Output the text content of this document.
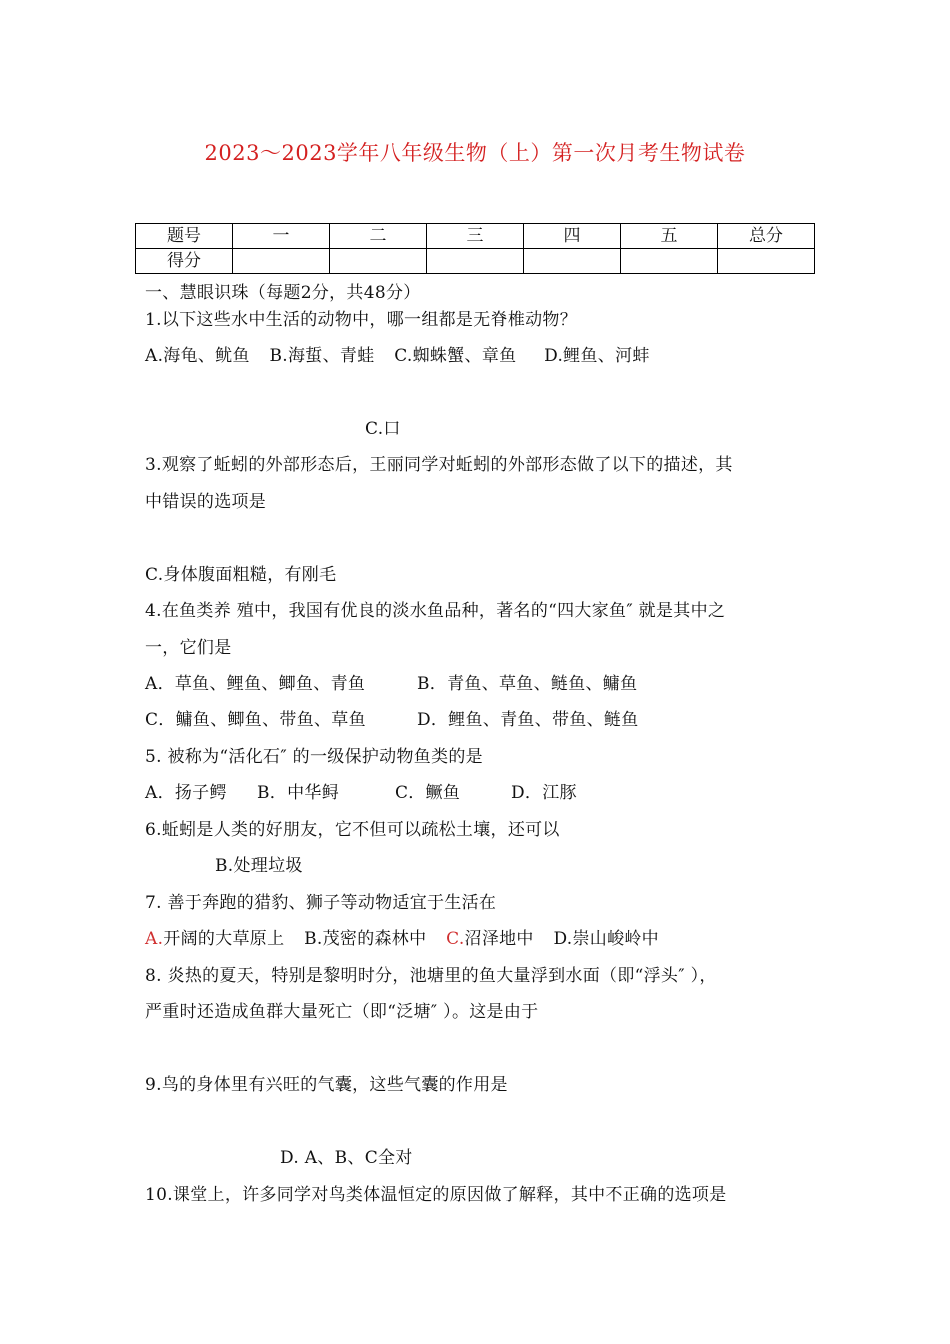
2023～2023学年八年级生物（上）第一次月考生物试卷
题号	一	二	三	四	五	总分
得分						
一、慧眼识珠（每题2分，共48分）
1.以下这些水中生活的动物中，哪一组都是无脊椎动物？
A.海龟、鱿鱼 B.海蜇、青蛙 C.蜘蛛蟹、章鱼 D.鲤鱼、河蚌
C.口
3.观察了蚯蚓的外部形态后，王丽同学对蚯蚓的外部形态做了以下的描述，其
中错误的选项是
C.身体腹面粗糙，有刚毛
4.在鱼类养 殖中，我国有优良的淡水鱼品种，著名的“四大家鱼″ 就是其中之
一，它们是
A．草鱼、鲤鱼、鲫鱼、青鱼	B．青鱼、草鱼、鲢鱼、鳙鱼
C．鳙鱼、鲫鱼、带鱼、草鱼	D．鲤鱼、青鱼、带鱼、鲢鱼
5. 被称为“活化石″ 的一级保护动物鱼类的是
A．扬子鳄 B．中华鲟	C．鳜鱼	D．江豚
6.蚯蚓是人类的好朋友，它不但可以疏松土壤，还可以
B.处理垃圾
7. 善于奔跑的猎豹、狮子等动物适宜于生活在
A.开阔的大草原上 B.茂密的森林中 C.沼泽地中 D.崇山峻岭中
8. 炎热的夏天，特别是黎明时分，池塘里的鱼大量浮到水面（即“浮头″ ），
严重时还造成鱼群大量死亡（即“泛塘″ ）。这是由于
9.鸟的身体里有兴旺的气囊，这些气囊的作用是
D. A、B、C全对
10.课堂上，许多同学对鸟类体温恒定的原因做了解释，其中不正确的选项是
